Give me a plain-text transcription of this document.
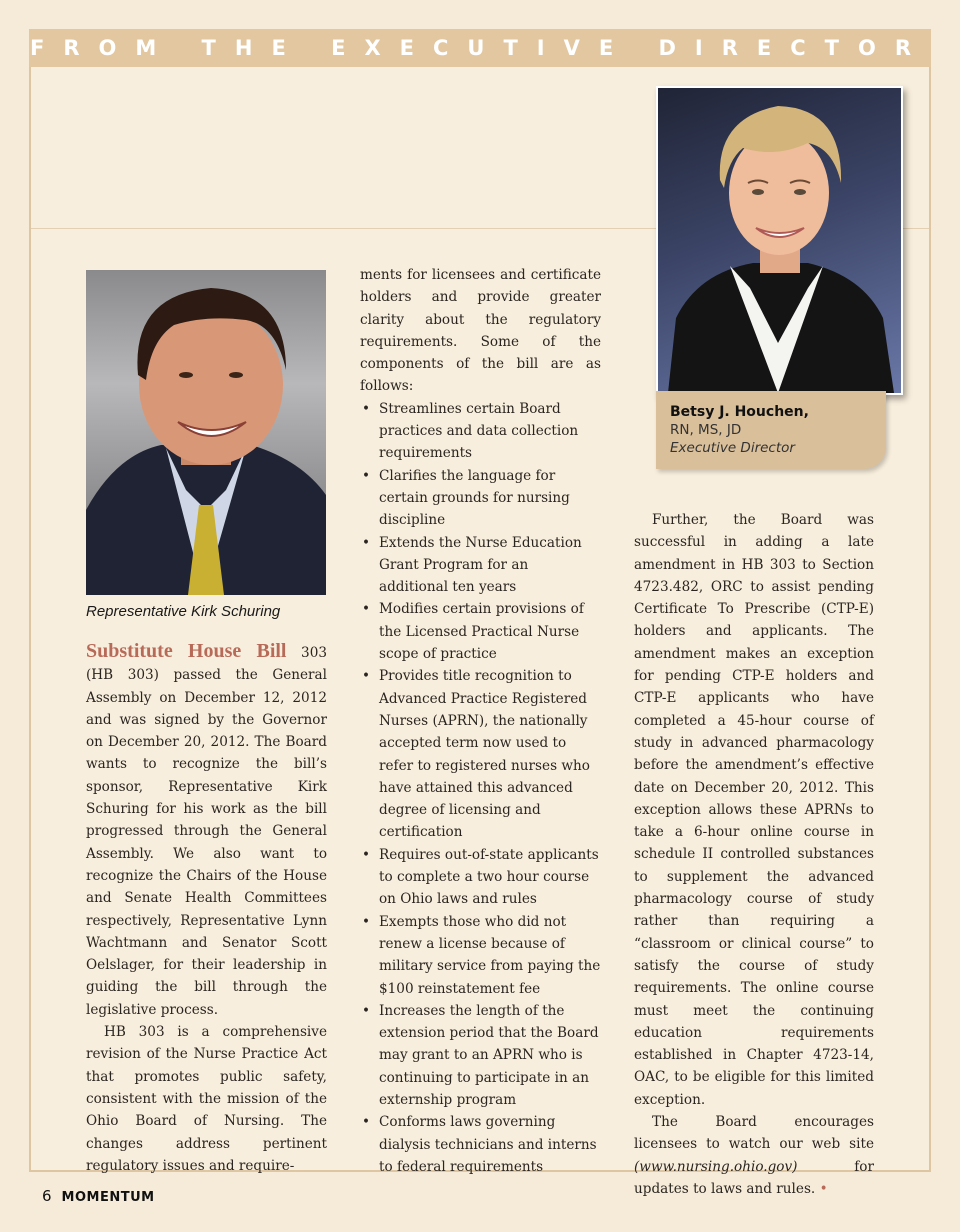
FROM THE EXECUTIVE DIRECTOR
Betsy J. Houchen,
RN, MS, JD
Executive Director
Representative Kirk Schuring

Substitute House Bill 303 (HB 303) passed the General Assembly on December 12, 2012 and was signed by the Governor on December 20, 2012. The Board wants to recognize the bill’s sponsor, Representative Kirk Schuring for his work as the bill progressed through the General Assembly. We also want to recognize the Chairs of the House and Senate Health Committees respectively, Representative Lynn Wachtmann and Senator Scott Oelslager, for their leadership in guiding the bill through the legislative process.

HB 303 is a comprehensive revision of the Nurse Practice Act that promotes public safety, consistent with the mission of the Ohio Board of Nursing. The changes address pertinent regulatory issues and require-

ments for licensees and certificate holders and provide greater clarity about the regulatory requirements. Some of the components of the bill are as follows:

• Streamlines certain Board practices and data collection requirements
• Clarifies the language for certain grounds for nursing discipline
• Extends the Nurse Education Grant Program for an additional ten years
• Modifies certain provisions of the Licensed Practical Nurse scope of practice
• Provides title recognition to Advanced Practice Registered Nurses (APRN), the nationally accepted term now used to refer to registered nurses who have attained this advanced degree of licensing and certification
• Requires out-of-state applicants to complete a two hour course on Ohio laws and rules
• Exempts those who did not renew a license because of military service from paying the $100 reinstatement fee
• Increases the length of the extension period that the Board may grant to an APRN who is continuing to participate in an externship program
• Conforms laws governing dialysis technicians and interns to federal requirements

Further, the Board was successful in adding a late amendment in HB 303 to Section 4723.482, ORC to assist pending Certificate To Prescribe (CTP-E) holders and applicants. The amendment makes an exception for pending CTP-E holders and CTP-E applicants who have completed a 45-hour course of study in advanced pharmacology before the amendment’s effective date on December 20, 2012. This exception allows these APRNs to take a 6-hour online course in schedule II controlled substances to supplement the advanced pharmacology course of study rather than requiring a “classroom or clinical course” to satisfy the course of study requirements. The online course must meet the continuing education requirements established in Chapter 4723-14, OAC, to be eligible for this limited exception.

The Board encourages licensees to watch our web site (www.nursing.ohio.gov) for updates to laws and rules. •

6 MOMENTUM
